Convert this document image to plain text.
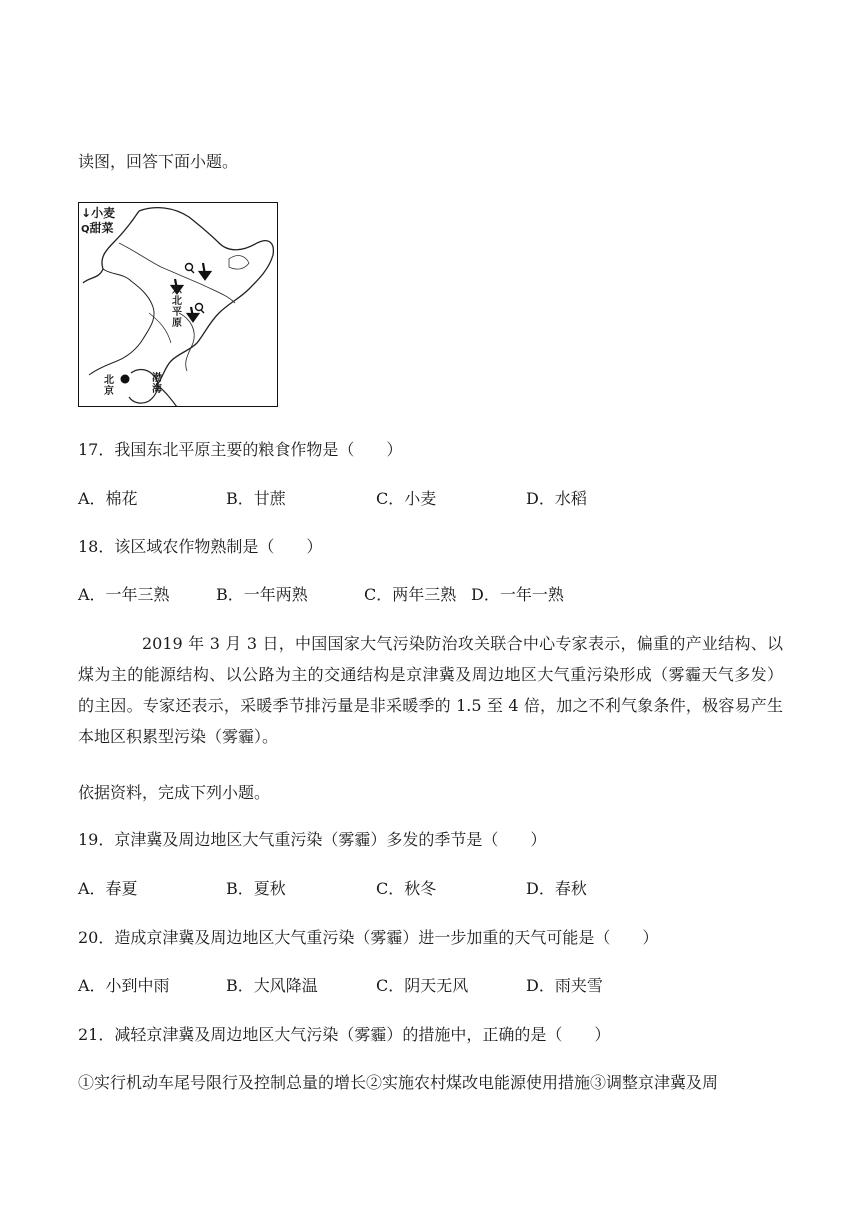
读图，回答下面小题。
↓小麦
Q甜菜
东北平原
北京
渤海
17．我国东北平原主要的粮食作物是（　　）
A．棉花	B．甘蔗	C．小麦	D．水稻
18．该区域农作物熟制是（　　）
A．一年三熟	B．一年两熟	C．两年三熟 D．一年一熟
2019 年 3 月 3 日，中国国家大气污染防治攻关联合中心专家表示，偏重的产业结构、以煤为主的能源结构、以公路为主的交通结构是京津冀及周边地区大气重污染形成（雾霾天气多发） 的主因。专家还表示，采暖季节排污量是非采暖季的 1.5 至 4 倍，加之不利气象条件，极容易产生本地区积累型污染（雾霾）。
依据资料，完成下列小题。
19．京津冀及周边地区大气重污染（雾霾）多发的季节是（　　）
A．春夏	B．夏秋	C．秋冬	D．春秋
20．造成京津冀及周边地区大气重污染（雾霾）进一步加重的天气可能是（　　）
A．小到中雨	B．大风降温	C．阴天无风	D．雨夹雪
21．减轻京津冀及周边地区大气污染（雾霾）的措施中，正确的是（　　）
①实行机动车尾号限行及控制总量的增长②实施农村煤改电能源使用措施③调整京津冀及周
